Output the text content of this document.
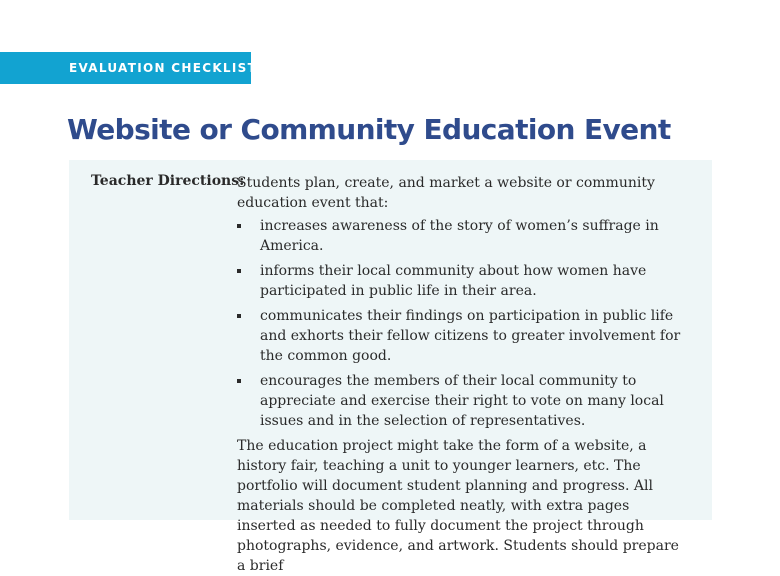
EVALUATION CHECKLIST
Website or Community Education Event
Teacher Directions:

Students plan, create, and market a website or community education event that:

increases awareness of the story of women’s suffrage in America.
informs their local community about how women have participated in public life in their area.
communicates their findings on participation in public life and exhorts their fellow citizens to greater involvement for the common good.
encourages the members of their local community to appreciate and exercise their right to vote on many local issues and in the selection of representatives.

The education project might take the form of a website, a history fair, teaching a unit to younger learners, etc. The portfolio will document student planning and progress. All materials should be completed neatly, with extra pages inserted as needed to fully document the project through photographs, evidence, and artwork. Students should prepare a brief
